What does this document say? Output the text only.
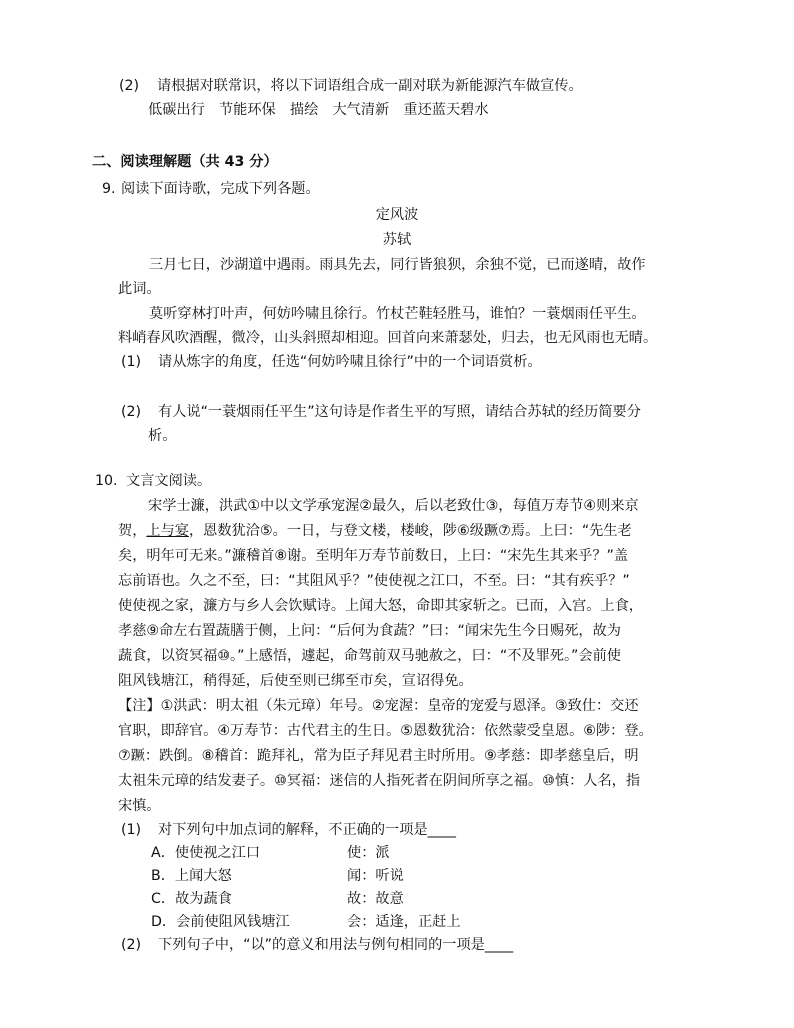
(2) 请根据对联常识，将以下词语组合成一副对联为新能源汽车做宣传。
低碳出行　节能环保　描绘　大气清新　重还蓝天碧水
二、阅读理解题（共 43 分）
9. 阅读下面诗歌，完成下列各题。
定风波
苏轼
三月七日，沙湖道中遇雨。雨具先去，同行皆狼狈，余独不觉，已而遂晴，故作
此词。
莫听穿林打叶声，何妨吟啸且徐行。竹杖芒鞋轻胜马，谁怕？一蓑烟雨任平生。
料峭春风吹酒醒，微冷，山头斜照却相迎。回首向来萧瑟处，归去，也无风雨也无晴。
(1) 请从炼字的角度，任选“何妨吟啸且徐行”中的一个词语赏析。
(2) 有人说“一蓑烟雨任平生”这句诗是作者生平的写照，请结合苏轼的经历简要分
析。
10. 文言文阅读。
宋学士濂，洪武①中以文学承宠渥②最久，后以老致仕③，每值万寿节④则来京
贺，上与宴，恩数犹洽⑤。一日，与登文楼，楼峻，陟⑥级蹶⑦焉。上曰：“先生老
矣，明年可无来。”濂稽首⑧谢。至明年万寿节前数日，上曰：“宋先生其来乎？”盖
忘前语也。久之不至，曰：“其阻风乎？”使使视之江口，不至。曰：“其有疾乎？”
使使视之家，濂方与乡人会饮赋诗。上闻大怒，命即其家斩之。已而，入宫。上食，
孝慈⑨命左右置蔬膳于侧，上问：“后何为食蔬？”曰：“闻宋先生今日赐死，故为
蔬食，以资冥福⑩。”上感悟，遽起，命驾前双马驰赦之，曰：“不及罪死。”会前使
阻风钱塘江，稍得延，后使至则已绑至市矣，宣诏得免。
【注】①洪武：明太祖（朱元璋）年号。②宠渥：皇帝的宠爱与恩泽。③致仕：交还
官职，即辞官。④万寿节：古代君主的生日。⑤恩数犹洽：依然蒙受皇恩。⑥陟：登。
⑦蹶：跌倒。⑧稽首：跪拜礼，常为臣子拜见君主时所用。⑨孝慈：即孝慈皇后，明
太祖朱元璋的结发妻子。⑩冥福：迷信的人指死者在阴间所享之福。⑩慎：人名，指
宋慎。
(1) 对下列句中加点词的解释，不正确的一项是____
A．使使视之江口	使：派
B．上闻大怒	闻：听说
C．故为蔬食	故：故意
D．会前使阻风钱塘江	会：适逢，正赶上
(2) 下列句子中，“以”的意义和用法与例句相同的一项是____
